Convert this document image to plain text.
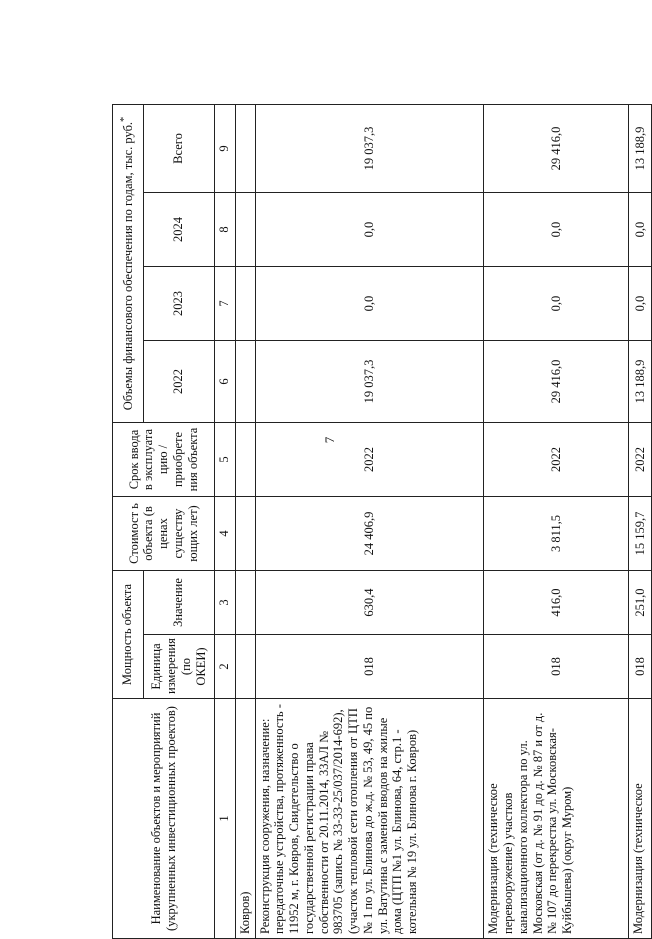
7
Наименование объектов и мероприятий (укрупненных инвестиционных проектов)	Мощность объекта		Стоимост ь объекта (в ценах существу ющих лет)	Срок ввода в эксплуата цию / приобрете ния объекта	Объемы финансового обеспечения по годам, тыс. руб.*
	Единица измерения (по ОКЕИ)	Значение			2022	2023	2024	Всего
1	2	3	4	5	6	7	8	9
Ковров)								
Реконструкция сооружения, назначение: передаточные устройства, протяженность - 11952 м, г. Ковров, Свидетельство о государственной регистрации права собственности от 20.11.2014, 33АЛ № 983705 (запись № 33-33-25/037/2014-692), (участок тепловой сети отопления от ЦТП № 1 по ул. Блинова до ж.д. № 53, 49, 45 по ул. Ватутина с заменой вводов на жилые дома (ЦТП №1 ул. Блинова, 64, стр.1 - котельная № 19 ул. Блинова г. Ковров)	018	630,4	24 406,9	2022	19 037,3	0,0	0,0	19 037,3
Модернизация (техническое перевооружение) участков канализационного коллектора по ул. Московская (от д. № 91 до д. № 87 и от д. № 107 до перекрестка ул. Московская-Куйбышева) (округ Муром)	018	416,0	3 811,5	2022	29 416,0	0,0	0,0	29 416,0
Модернизация (техническое	018	251,0	15 159,7	2022	13 188,9	0,0	0,0	13 188,9
